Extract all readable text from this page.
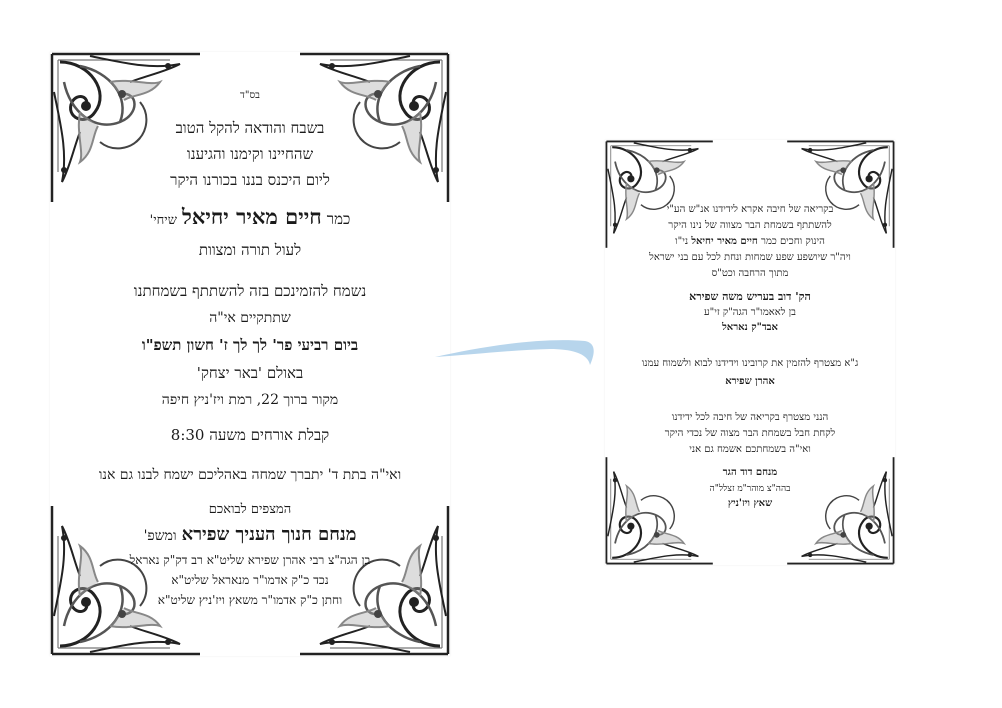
בס"ד
בשבח והודאה להקל הטוב
שהחיינו וקימנו והגיענו
ליום היכנס בננו בכורנו היקר
כמר חיים מאיר יחיאל שיחי'
לעול תורה ומצוות
נשמח להזמינכם בזה להשתתף בשמחתנו
שתתקיים אי"ה
ביום רביעי פר' לך לך ז' חשון תשפ"ו
באולם 'באר יצחק'
מקור ברוך 22, רמת ויז'ניץ חיפה
קבלת אורחים משעה 8:30
ואי"ה בתת ד' יתברך שמחה באהליכם ישמח לבנו גם אנו
המצפים לבואכם
מנחם חנוך העניך שפירא ומשפ'
בן הגה"צ רבי אהרן שפירא שליט"א רב דק"ק נאראל
נכד כ"ק אדמו"ר מנאראל שליט"א
וחתן כ"ק אדמו"ר משאץ ויז'ניץ שליט"א
בקריאה של חיבה אקרא לידידנו אנ"ש הע"י
להשתתף בשמחת הבר מצווה של נינו היקר
הינוק וחכים כמר חיים מאיר יחיאל ני"ו
ויה"ר שיושפע שפע שמחות ונחת לכל עם בני ישראל
מתוך הרחבה וכט"ס
הק' דוב בעריש משה שפירא
בן לאאמו"ר הגה"ק זי"ע
אבד"ק נאראל
ג"א מצטרף להזמין את קרובינו וידידנו לבוא ולשמוח עמנו
אהרן שפירא
הנני מצטרף בקריאה של חיבה לכל ידידנו
לקחת חבל בשמחת הבר מצוה של נכדי היקר
ואי"ה בשמחתכם אשמח גם אני
מנחם דוד הגר
בהה"צ מוהר"מ זצלל"ה
שאץ ויז'ניץ
